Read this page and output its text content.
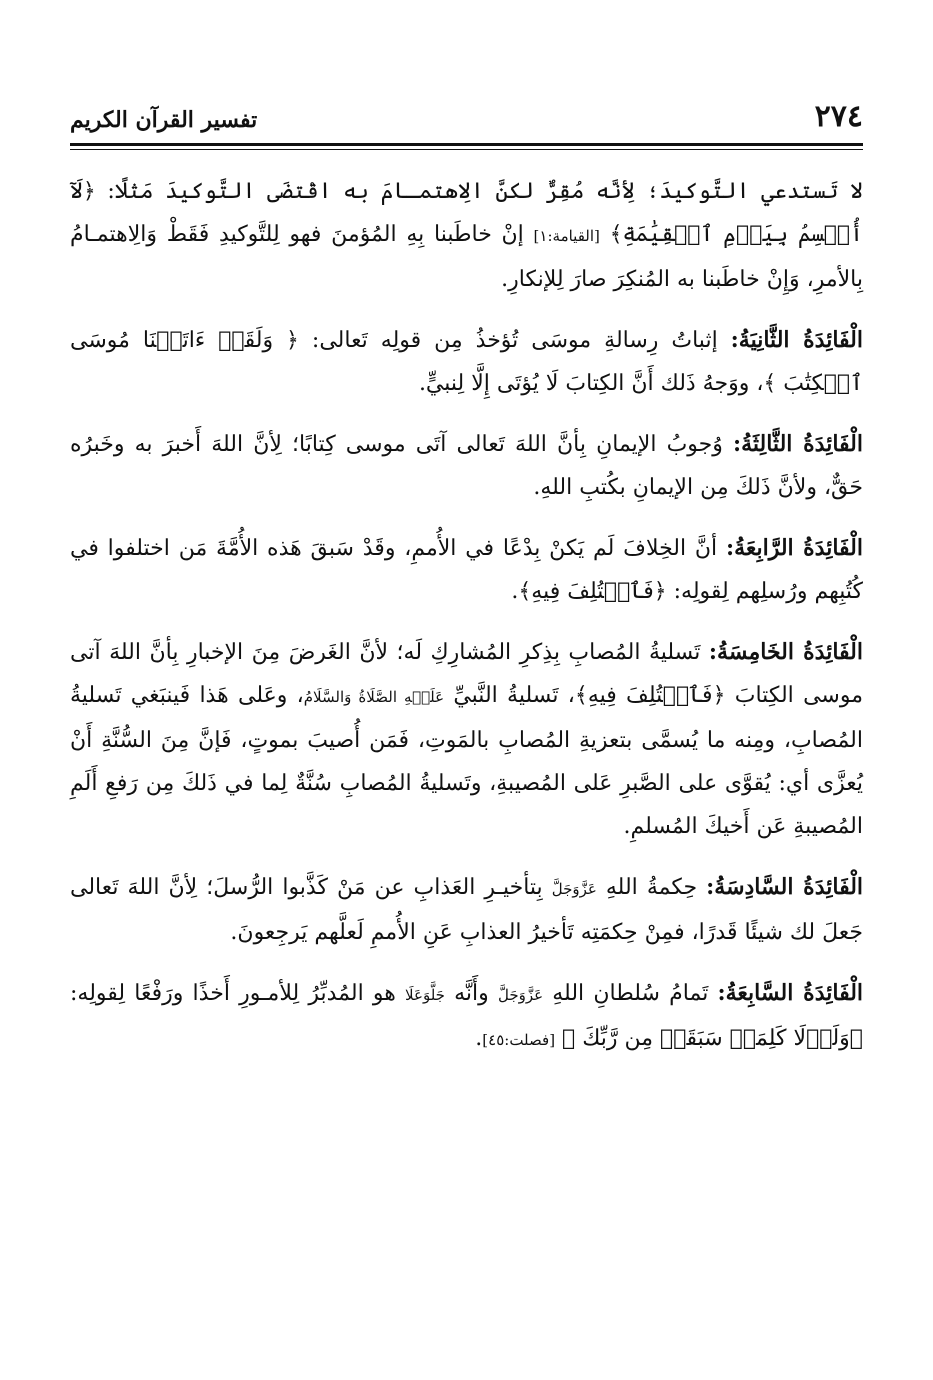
٢٧٤
تفسير القرآن الكريم

لا تَستدعي التَّوكيدَ؛ لِأنَّه مُقِرٌّ لكنَّ الِاهتمـامَ به اقْتضَى التَّوكيدَ مَثلًا: ﴿لَآ أُقۡسِمُ بِيَوۡمِ ٱلۡقِيَٰمَةِ﴾ [القيامة:١] إنْ خاطَبنا بِهِ المُؤمنَ فهو لِلتَّوكيدِ فَقَطْ وَالِاهتمـامُ بِالأمرِ، وَإِنْ خاطَبنا به المُنكِرَ صارَ لِلإنكارِ.

الْفَائِدَةُ الثَّانِيَةُ: إثباتُ رِسالةِ موسَى تُؤخذُ مِن قولِه تَعالى: ﴿ وَلَقَدۡ ءَاتَيۡنَا مُوسَى ٱلۡكِتَٰبَ ﴾، ووَجهُ ذَلك أَنَّ الكِتابَ لَا يُؤتَى إِلَّا لِنبيٍّ.

الْفَائِدَةُ الثَّالِثَةُ: وُجوبُ الإيمانِ بِأنَّ اللهَ تَعالى آتَى موسى كِتابًا؛ لِأنَّ اللهَ أَخبرَ به وخَبرُه حَقٌّ، ولأنَّ ذَلكَ مِن الإيمانِ بكُتبِ اللهِ.

الْفَائِدَةُ الرَّابِعَةُ: أنَّ الخِلافَ لَم يَكنْ بِدْعًا في الأُممِ، وقَدْ سَبقَ هَذه الأُمَّةَ مَن اختلفوا في كُتُبِهم ورُسلِهم لِقولِه: ﴿فَٱخۡتُلِفَ فِيهِ﴾.

الْفَائِدَةُ الخَامِسَةُ: تَسليةُ المُصابِ بِذِكرِ المُشارِكِ لَه؛ لأنَّ الغَرضَ مِنَ الإخبارِ بِأنَّ اللهَ آتى موسى الكِتابَ ﴿فَٱخۡتُلِفَ فِيهِ﴾، تَسليةُ النَّبيِّ عَلَيۡهِ الصَّلَاةُ وَالسَّلَامُ، وعَلى هَذا فَينبَغي تَسليةُ المُصابِ، ومِنه ما يُسمَّى بتعزيةِ المُصابِ بالمَوتِ، فَمَن أُصيبَ بموتٍ، فَإنَّ مِنَ السُّنَّةِ أَنْ يُعزَّى أي: يُقوَّى على الصَّبرِ عَلى المُصيبةِ، وتَسليةُ المُصابِ سُنَّةٌ لِما في ذَلكَ مِن رَفعِ أَلَمِ المُصيبةِ عَن أَخيكَ المُسلمِ.

الْفَائِدَةُ السَّادِسَةُ: حِكمةُ اللهِ عَزَّوَجَلَّ بِتأخيـرِ العَذابِ عن مَنْ كَذَّبوا الرُّسلَ؛ لِأنَّ اللهَ تَعالى جَعلَ لك شيئًا قَدرًا، فمِنْ حِكمَتِه تَأخيرُ العذابِ عَنِ الأُممِ لَعلَّهم يَرجِعونَ.

الْفَائِدَةُ السَّابِعَةُ: تَمامُ سُلطانِ اللهِ عَزَّوَجَلَّ وأَنَّه جَلَّوَعَلَا هو المُدبِّرُ لِلأمـورِ أَخذًا ورَفْعًا لِقولِه: ﴿وَلَوۡلَا كَلِمَةٞ سَبَقَتۡ مِن رَّبِّكَ ﴾ [فصلت:٤٥].
